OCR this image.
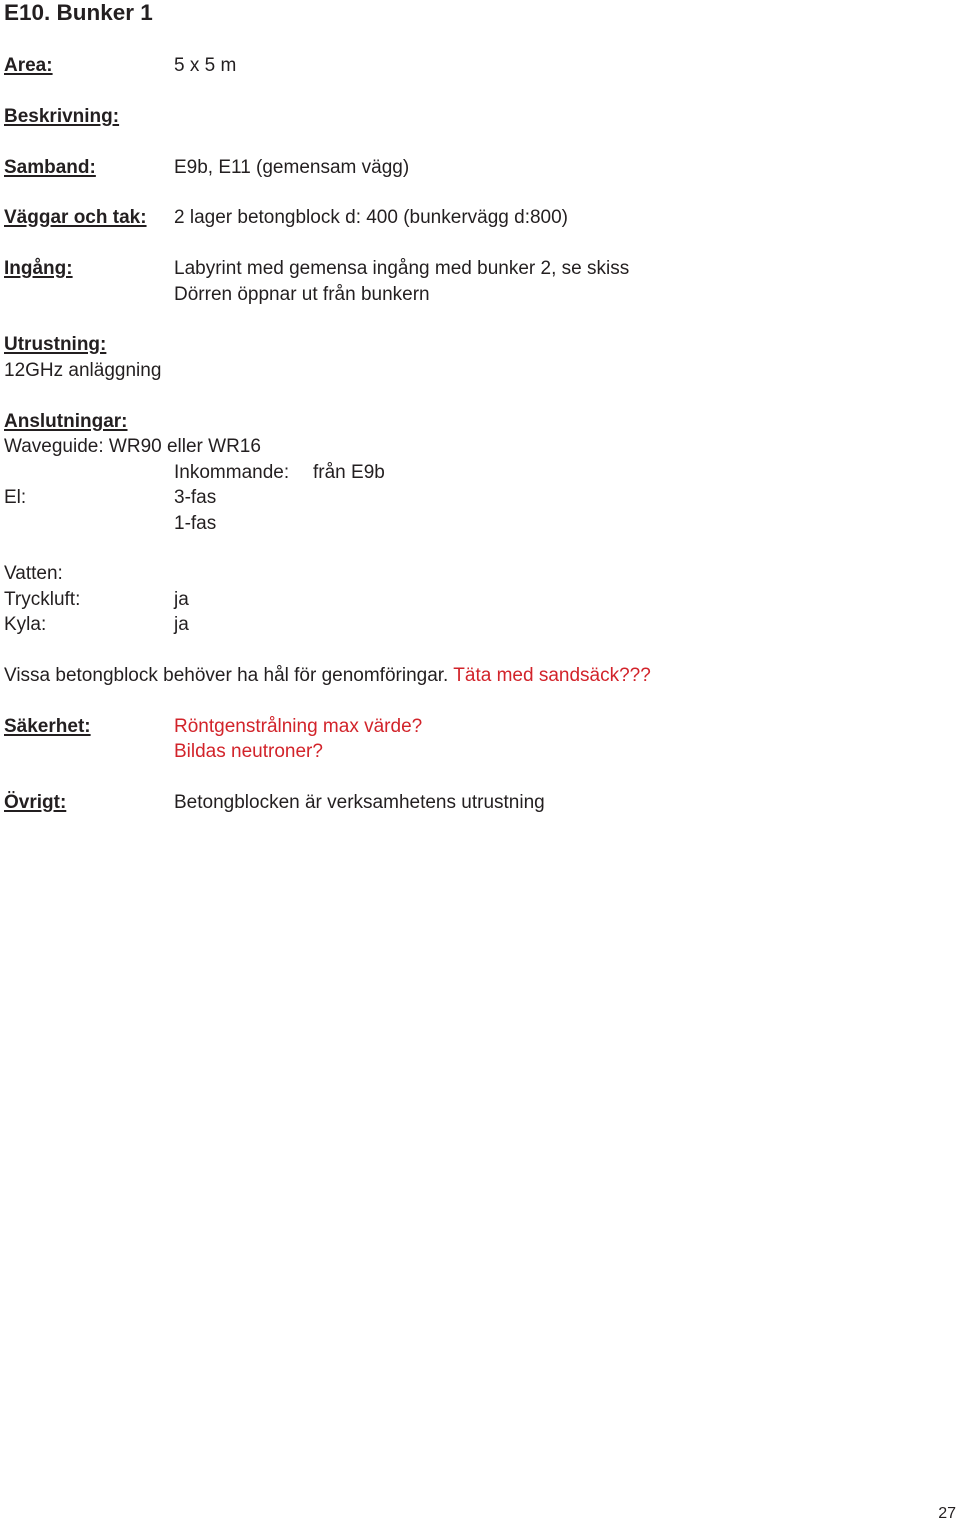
E10. Bunker 1
Area:	5 x 5 m
Beskrivning:
Samband:	E9b, E11 (gemensam vägg)
Väggar och tak: 2 lager betongblock d: 400 (bunkervägg d:800)
Ingång:	Labyrint med gemensa ingång med bunker 2, se skiss
Dörren öppnar ut från bunkern
Utrustning:
12GHz anläggning
Anslutningar:
Waveguide: WR90 eller WR16
Inkommande: från E9b
El:	3-fas
1-fas
Vatten:
Tryckluft:	ja
Kyla:	ja
Vissa betongblock behöver ha hål för genomföringar. Täta med sandsäck???
Säkerhet:	Röntgenstrålning max värde?
Bildas neutroner?
Övrigt:	Betongblocken är verksamhetens utrustning
27
